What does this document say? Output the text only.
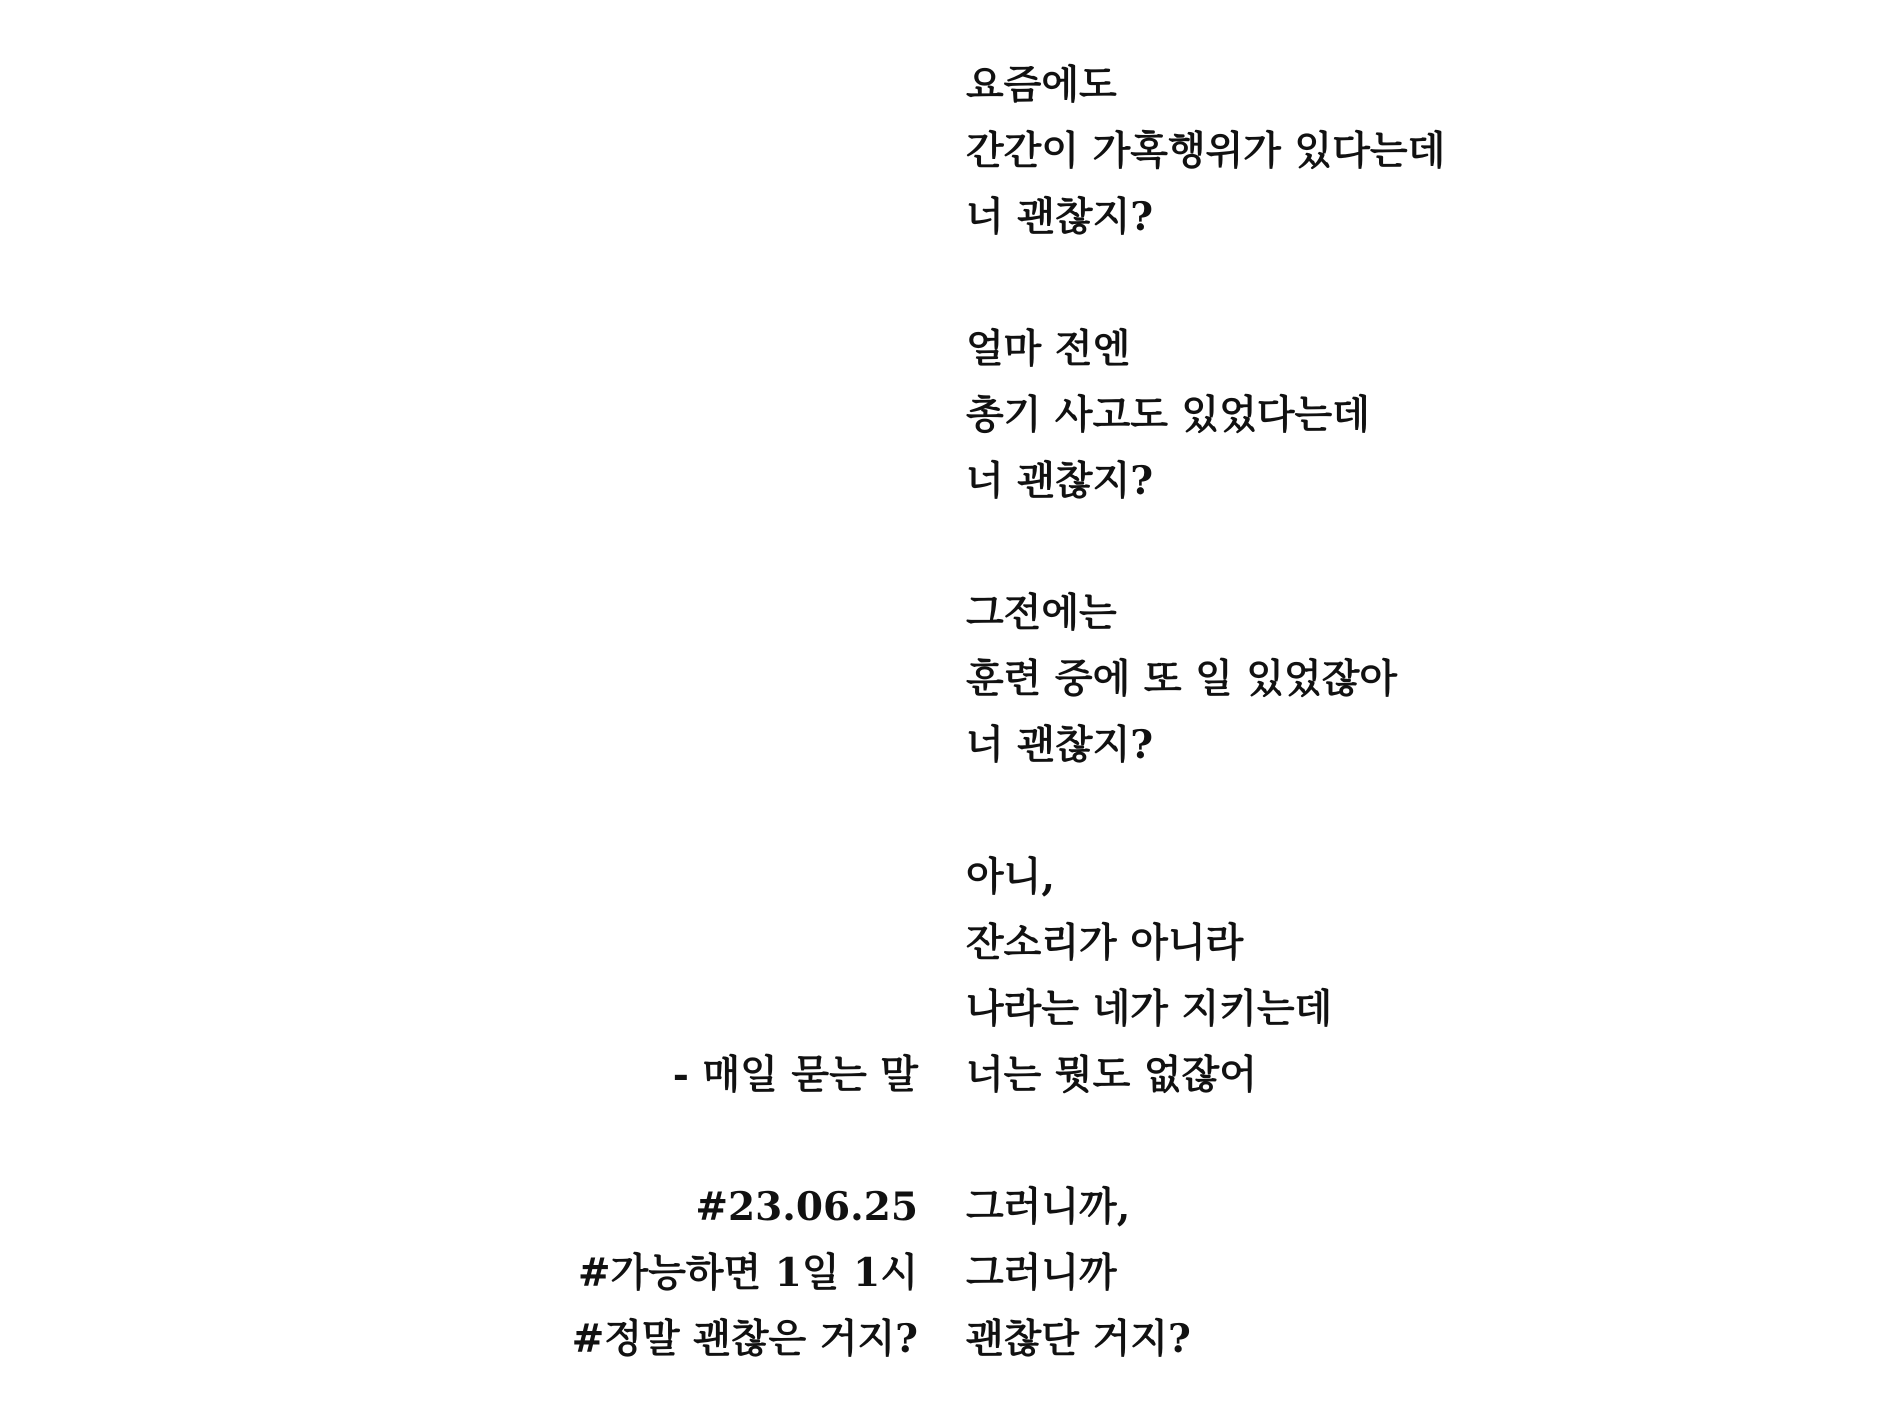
요즘에도
간간이 가혹행위가 있다는데
너 괜찮지?
얼마 전엔
총기 사고도 있었다는데
너 괜찮지?
그전에는
훈련 중에 또 일 있었잖아
너 괜찮지?
아니,
잔소리가 아니라
나라는 네가 지키는데
너는 뭣도 없잖어
그러니까,
그러니까
괜찮단 거지?
- 매일 묻는 말
#23.06.25
#가능하면 1일 1시
#정말 괜찮은 거지?
